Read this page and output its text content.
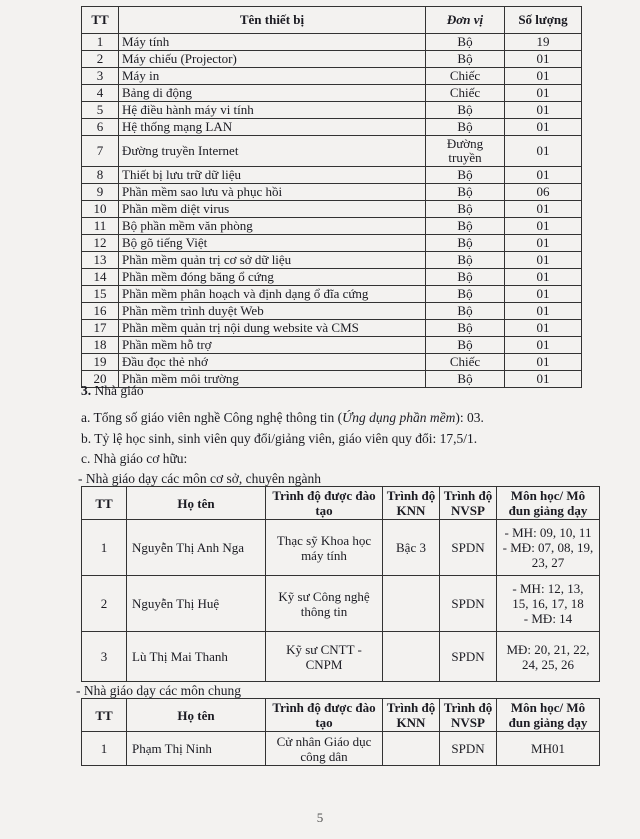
TT	Tên thiết bị	Đơn vị	Số lượng
1	Máy tính	Bộ	19
2	Máy chiếu (Projector)	Bộ	01
3	Máy in	Chiếc	01
4	Bảng di động	Chiếc	01
5	Hệ điều hành máy vi tính	Bộ	01
6	Hệ thống mạng LAN	Bộ	01
7	Đường truyền Internet	Đường truyền	01
8	Thiết bị lưu trữ dữ liệu	Bộ	01
9	Phần mềm sao lưu và phục hồi	Bộ	06
10	Phần mềm diệt virus	Bộ	01
11	Bộ phần mềm văn phòng	Bộ	01
12	Bộ gõ tiếng Việt	Bộ	01
13	Phần mềm quản trị cơ sở dữ liệu	Bộ	01
14	Phần mềm đóng băng ổ cứng	Bộ	01
15	Phần mềm phân hoạch và định dạng ổ đĩa cứng	Bộ	01
16	Phần mềm trình duyệt Web	Bộ	01
17	Phần mềm quản trị nội dung website và CMS	Bộ	01
18	Phần mềm hỗ trợ	Bộ	01
19	Đầu đọc thẻ nhớ	Chiếc	01
20	Phần mềm môi trường	Bộ	01
3. Nhà giáo
a. Tổng số giáo viên nghề Công nghệ thông tin (Ứng dụng phần mềm): 03.
b. Tỷ lệ học sinh, sinh viên quy đổi/giảng viên, giáo viên quy đổi: 17,5/1.
c. Nhà giáo cơ hữu:
- Nhà giáo dạy các môn cơ sở, chuyên ngành
TT	Họ tên	Trình độ được đào tạo	Trình độ KNN	Trình độ NVSP	Môn học/ Mô đun giảng dạy
1	Nguyễn Thị Anh Nga	Thạc sỹ Khoa học máy tính	Bậc 3	SPDN	- MH: 09, 10, 11
- MĐ: 07, 08, 19,
23, 27

2	Nguyễn Thị Huệ	Kỹ sư Công nghệ thông tin		SPDN	- MH: 12, 13,
15, 16, 17, 18
- MĐ: 14

3	Lù Thị Mai Thanh	Kỹ sư CNTT - CNPM		SPDN	MĐ: 20, 21, 22,
24, 25, 26
- Nhà giáo dạy các môn chung
TT	Họ tên	Trình độ được đào tạo	Trình độ KNN	Trình độ NVSP	Môn học/ Mô đun giảng dạy
1	Phạm Thị Ninh	Cử nhân Giáo dục công dân		SPDN	MH01
5
